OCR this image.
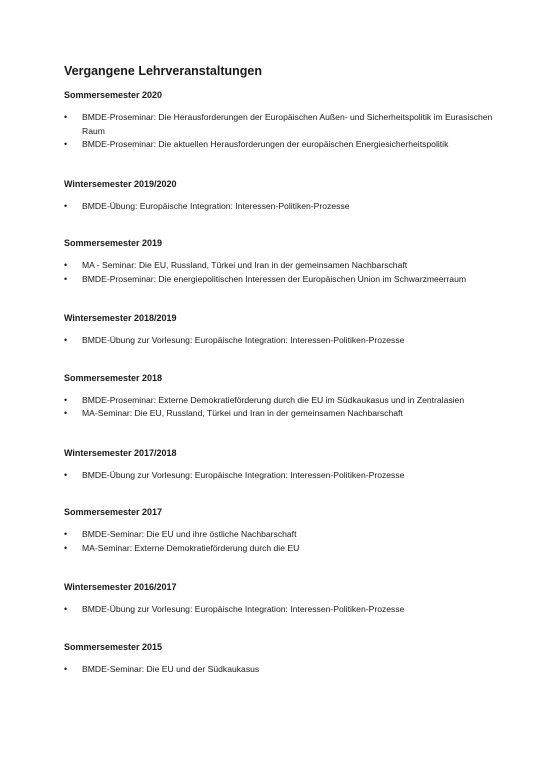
Vergangene Lehrveranstaltungen
Sommersemester 2020
• BMDE-Proseminar: Die Herausforderungen der Europäischen Außen- und Sicherheitspolitik im Eurasischen Raum
• BMDE-Proseminar: Die aktuellen Herausforderungen der europäischen Energiesicherheitspolitik
Wintersemester 2019/2020
• BMDE-Übung: Europäische Integration: Interessen-Politiken-Prozesse
Sommersemester 2019
• MA - Seminar: Die EU, Russland, Türkei und Iran in der gemeinsamen Nachbarschaft
• BMDE-Proseminar: Die energiepolitischen Interessen der Europäischen Union im Schwarzmeerraum
Wintersemester 2018/2019
• BMDE-Übung zur Vorlesung: Europäische Integration: Interessen-Politiken-Prozesse
Sommersemester 2018
• BMDE-Proseminar: Externe Demokratieförderung durch die EU im Südkaukasus und in Zentralasien
• MA-Seminar: Die EU, Russland, Türkei und Iran in der gemeinsamen Nachbarschaft
Wintersemester 2017/2018
• BMDE-Übung zur Vorlesung: Europäische Integration: Interessen-Politiken-Prozesse
Sommersemester 2017
• BMDE-Seminar: Die EU und ihre östliche Nachbarschaft
• MA-Seminar: Externe Demokratieförderung durch die EU
Wintersemester 2016/2017
• BMDE-Übung zur Vorlesung: Europäische Integration: Interessen-Politiken-Prozesse
Sommersemester 2015
• BMDE-Seminar: Die EU und der Südkaukasus
